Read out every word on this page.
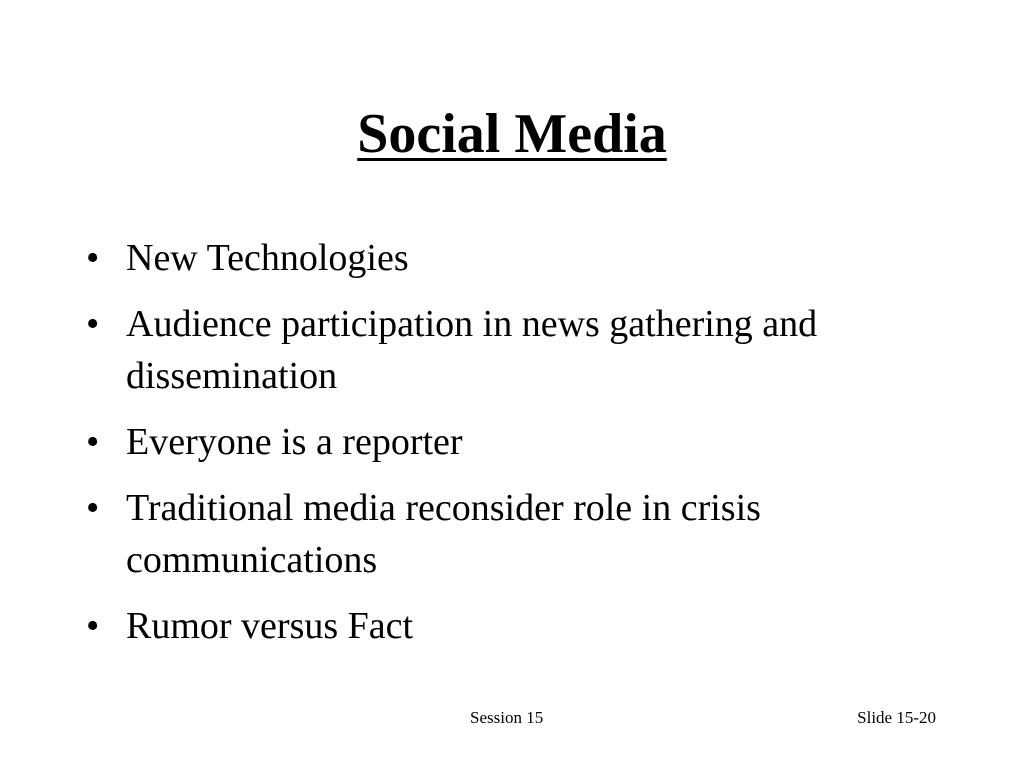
Social Media
• New Technologies
• Audience participation in news gathering and dissemination
• Everyone is a reporter
• Traditional media reconsider role in crisis communications
• Rumor versus Fact
Session 15	Slide 15-20
